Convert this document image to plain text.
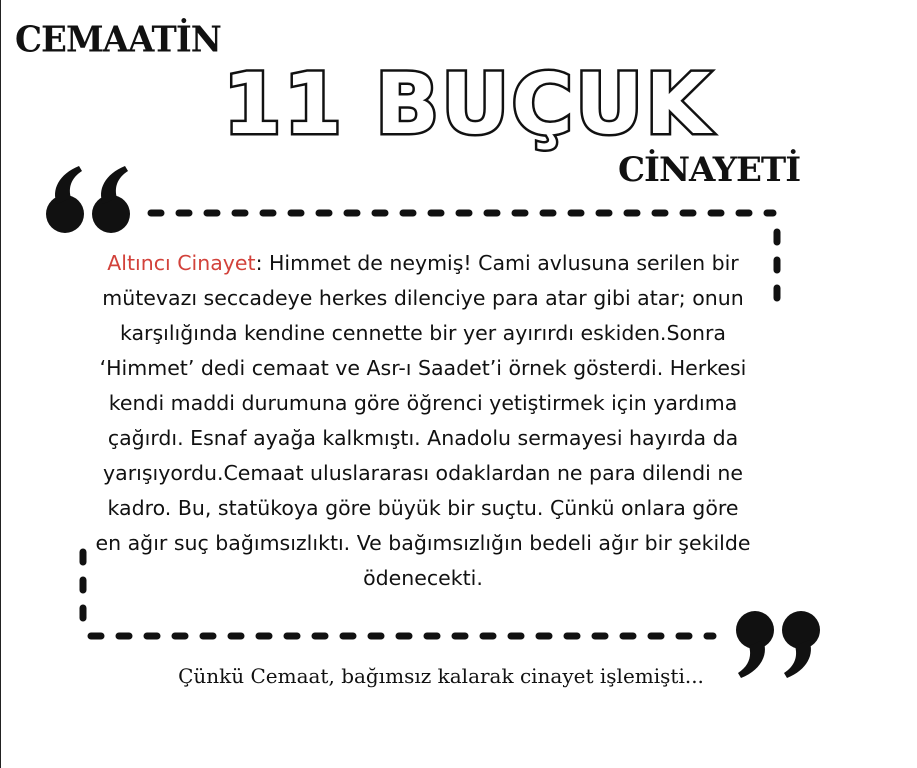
CEMAATİN
11 BUÇUK
CİNAYETİ

Altıncı Cinayet: Himmet de neymiş! Cami avlusuna serilen bir mütevazı seccadeye herkes dilenciye para atar gibi atar; onun karşılığında kendine cennette bir yer ayırırdı eskiden.Sonra ‘Himmet’ dedi cemaat ve Asr-ı Saadet’i örnek gösterdi. Herkesi kendi maddi durumuna göre öğrenci yetiştirmek için yardıma çağırdı. Esnaf ayağa kalkmıştı. Anadolu sermayesi hayırda da yarışıyordu.Cemaat uluslararası odaklardan ne para dilendi ne kadro. Bu, statükoya göre büyük bir suçtu. Çünkü onlara göre en ağır suç bağımsızlıktı. Ve bağımsızlığın bedeli ağır bir şekilde ödenecekti.

Çünkü Cemaat, bağımsız kalarak cinayet işlemişti...
